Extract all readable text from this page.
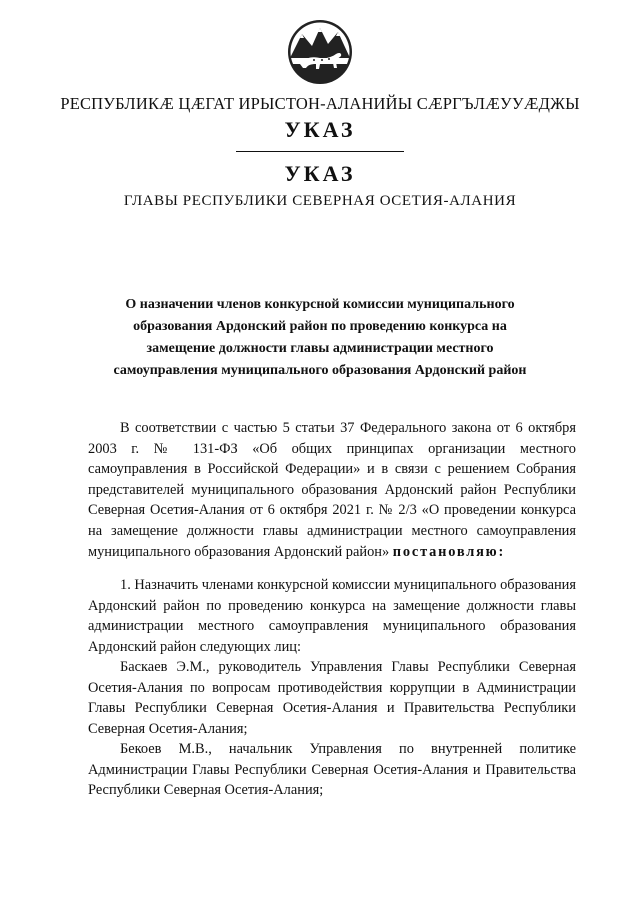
РЕСПУБЛИКÆ ЦÆГАТ ИРЫСТОН-АЛАНИЙЫ СÆРГЪЛÆУУÆДЖЫ
УКАЗ
УКАЗ
ГЛАВЫ РЕСПУБЛИКИ СЕВЕРНАЯ ОСЕТИЯ-АЛАНИЯ
О назначении членов конкурсной комиссии муниципального образования Ардонский район по проведению конкурса на замещение должности главы администрации местного самоуправления муниципального образования Ардонский район

В соответствии с частью 5 статьи 37 Федерального закона от 6 октября 2003 г. № 131-ФЗ «Об общих принципах организации местного самоуправления в Российской Федерации» и в связи с решением Собрания представителей муниципального образования Ардонский район Республики Северная Осетия-Алания от 6 октября 2021 г. № 2/3 «О проведении конкурса на замещение должности главы администрации местного самоуправления муниципального образования Ардонский район» постановляю:

1. Назначить членами конкурсной комиссии муниципального образования Ардонский район по проведению конкурса на замещение должности главы администрации местного самоуправления муниципального образования Ардонский район следующих лиц:

Баскаев Э.М., руководитель Управления Главы Республики Северная Осетия-Алания по вопросам противодействия коррупции в Администрации Главы Республики Северная Осетия-Алания и Правительства Республики Северная Осетия-Алания;

Бекоев М.В., начальник Управления по внутренней политике Администрации Главы Республики Северная Осетия-Алания и Правительства Республики Северная Осетия-Алания;
